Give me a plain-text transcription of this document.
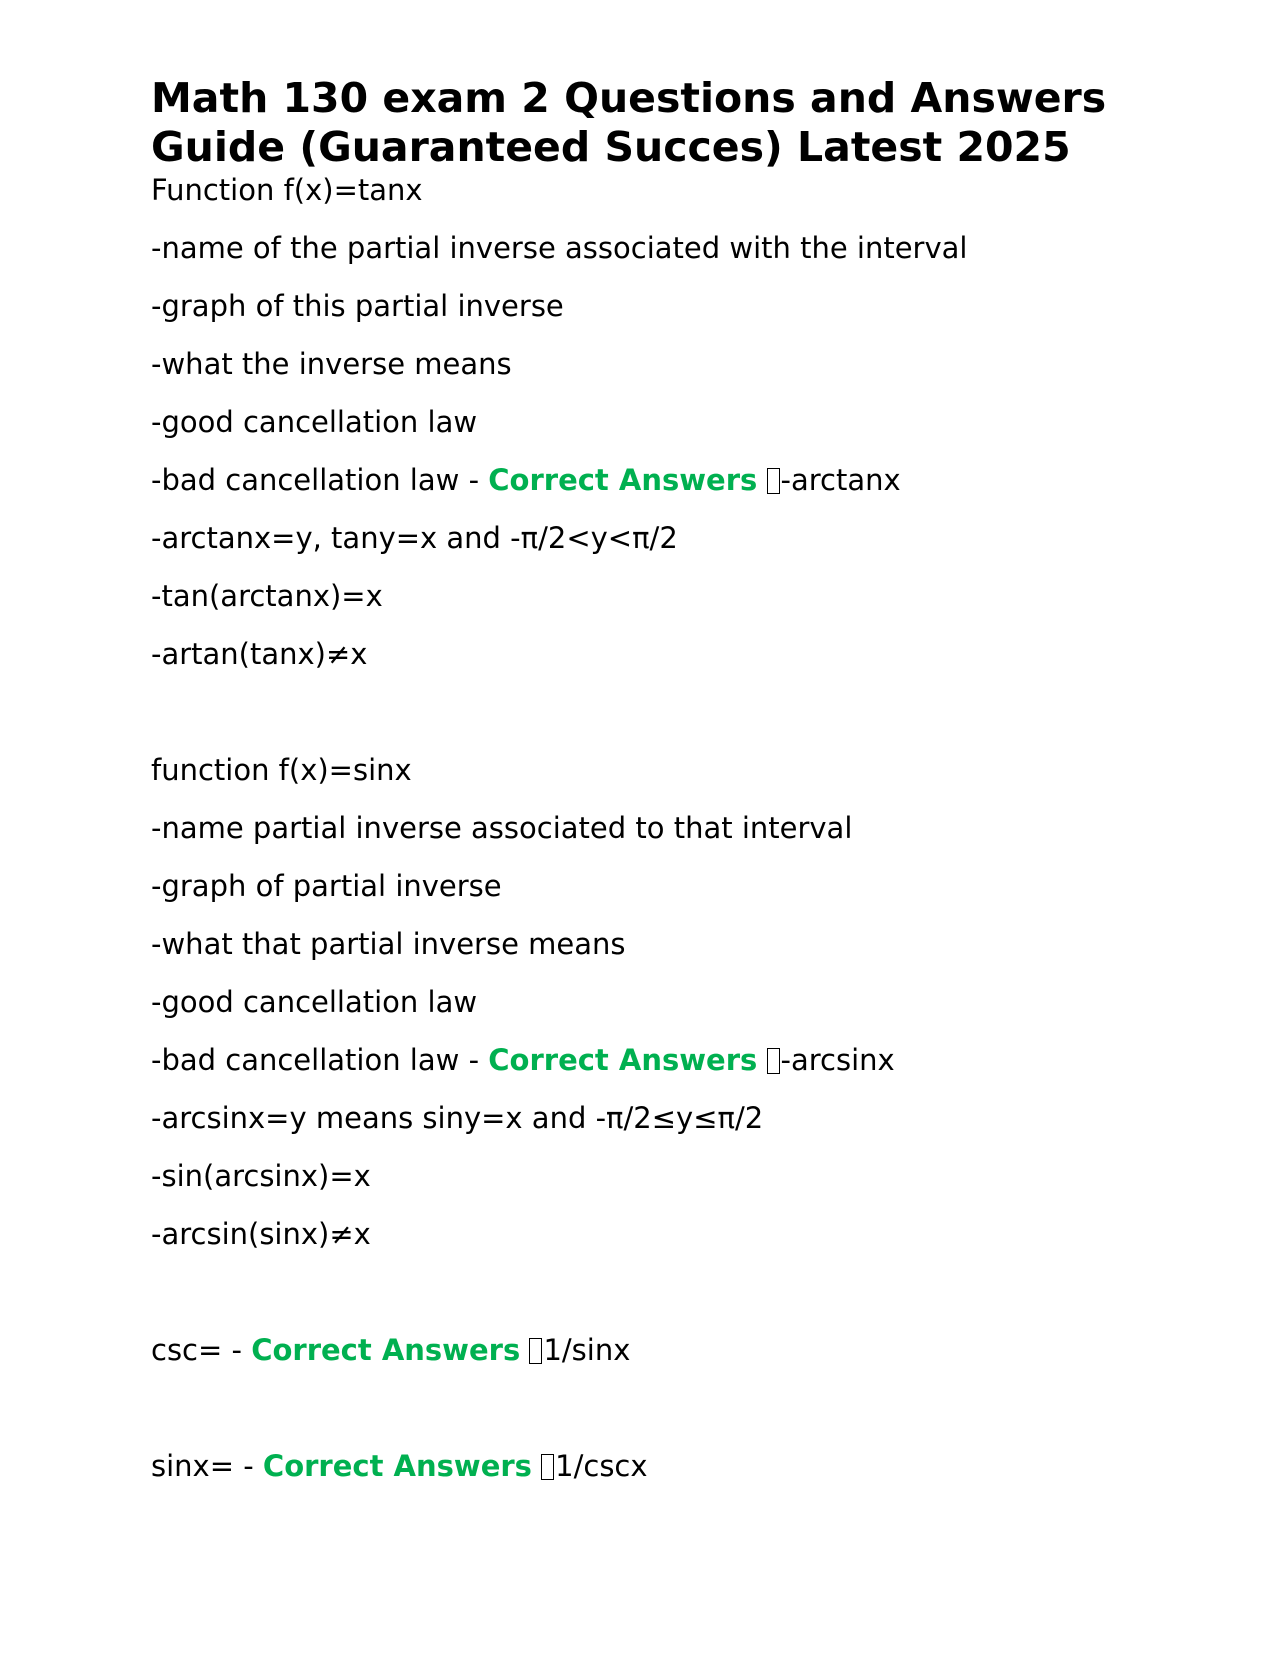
Math 130 exam 2 Questions and Answers
Guide (Guaranteed Succes) Latest 2025
Function f(x)=tanx
-name of the partial inverse associated with the interval
-graph of this partial inverse
-what the inverse means
-good cancellation law
-bad cancellation law - Correct Answers -arctanx
-arctanx=y, tany=x and -π/2<y<π/2
-tan(arctanx)=x
-artan(tanx)≠x
function f(x)=sinx
-name partial inverse associated to that interval
-graph of partial inverse
-what that partial inverse means
-good cancellation law
-bad cancellation law - Correct Answers -arcsinx
-arcsinx=y means siny=x and -π/2≤y≤π/2
-sin(arcsinx)=x
-arcsin(sinx)≠x
csc= - Correct Answers 1/sinx
sinx= - Correct Answers 1/cscx
